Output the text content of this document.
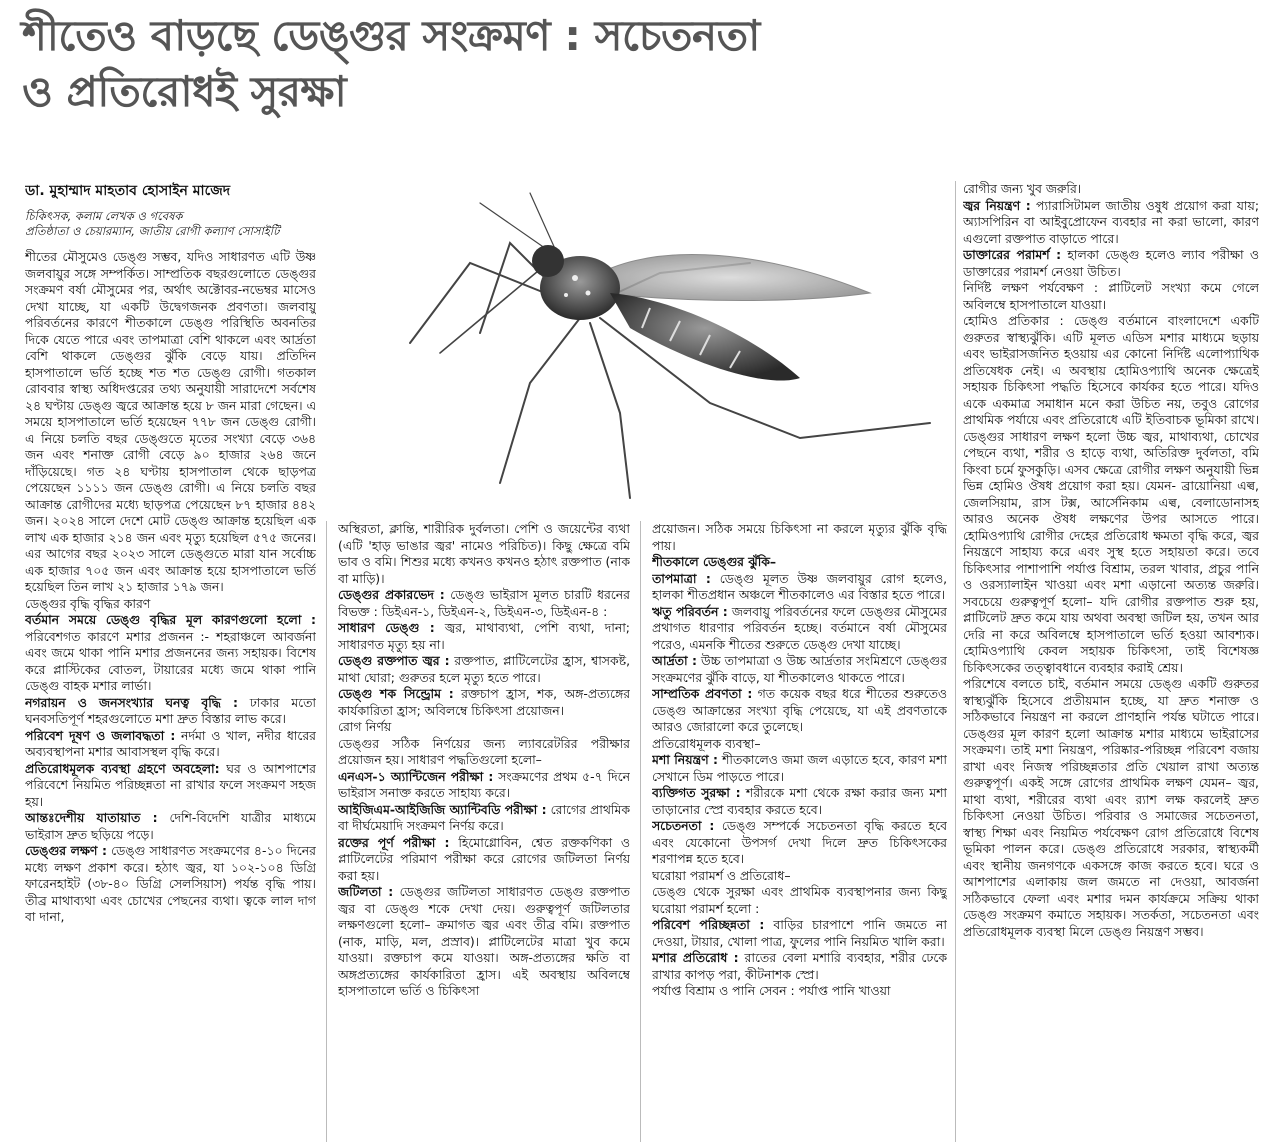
শীতেও বাড়ছে ডেঙ্গুর সংক্রমণ : সচেতনতা
ও প্রতিরোধই সুরক্ষা

ডা. মুহাম্মাদ মাহতাব হোসাইন মাজেদ

চিকিৎসক, কলাম লেখক ও গবেষক

প্রতিষ্ঠাতা ও চেয়ারম্যান, জাতীয় রোগী কল্যাণ সোসাইটি

শীতের মৌসুমেও ডেঙ্গু সম্ভব, যদিও সাধারণত এটি উষ্ণ জলবায়ুর সঙ্গে সম্পর্কিত। সাম্প্রতিক বছরগুলোতে ডেঙ্গুর সংক্রমণ বর্ষা মৌসুমের পর, অর্থাৎ অক্টোবর-নভেম্বর মাসেও দেখা যাচ্ছে, যা একটি উদ্বেগজনক প্রবণতা। জলবায়ু পরিবর্তনের কারণে শীতকালে ডেঙ্গু পরিস্থিতি অবনতির দিকে যেতে পারে এবং তাপমাত্রা বেশি থাকলে এবং আর্দ্রতা বেশি থাকলে ডেঙ্গুর ঝুঁকি বেড়ে যায়। প্রতিদিন হাসপাতালে ভর্তি হচ্ছে শত শত ডেঙ্গু রোগী। গতকাল রোববার স্বাস্থ্য অধিদপ্তরের তথ্য অনুযায়ী সারাদেশে সর্বশেষ ২৪ ঘণ্টায় ডেঙ্গু জ্বরে আক্রান্ত হয়ে ৮ জন মারা গেছেন। এ সময়ে হাসপাতালে ভর্তি হয়েছেন ৭৭৮ জন ডেঙ্গু রোগী। এ নিয়ে চলতি বছর ডেঙ্গুতে মৃতের সংখ্যা বেড়ে ৩৬৪ জন এবং শনাক্ত রোগী বেড়ে ৯০ হাজার ২৬৪ জনে দাঁড়িয়েছে। গত ২৪ ঘণ্টায় হাসপাতাল থেকে ছাড়পত্র পেয়েছেন ১১১১ জন ডেঙ্গু রোগী। এ নিয়ে চলতি বছর আক্রান্ত রোগীদের মধ্যে ছাড়পত্র পেয়েছেন ৮৭ হাজার ৪৪২ জন। ২০২৪ সালে দেশে মোট ডেঙ্গু আক্রান্ত হয়েছিল এক লাখ এক হাজার ২১৪ জন এবং মৃত্যু হয়েছিল ৫৭৫ জনের। এর আগের বছর ২০২৩ সালে ডেঙ্গুতে মারা যান সর্বোচ্চ এক হাজার ৭০৫ জন এবং আক্রান্ত হয়ে হাসপাতালে ভর্তি হয়েছিল তিন লাখ ২১ হাজার ১৭৯ জন।

ডেঙ্গুর বৃদ্ধি বৃদ্ধির কারণ

বর্তমান সময়ে ডেঙ্গু বৃদ্ধির মূল কারণগুলো হলো : পরিবেশগত কারণে মশার প্রজনন :- শহরাঞ্চলে আবর্জনা এবং জমে থাকা পানি মশার প্রজননের জন্য সহায়ক। বিশেষ করে প্লাস্টিকের বোতল, টায়ারের মধ্যে জমে থাকা পানি ডেঙ্গু বাহক মশার লার্ভা।

নগরায়ন ও জনসংখ্যার ঘনত্ব বৃদ্ধি : ঢাকার মতো ঘনবসতিপূর্ণ শহরগুলোতে মশা দ্রুত বিস্তার লাভ করে।

পরিবেশ দূষণ ও জলাবদ্ধতা : নর্দমা ও খাল, নদীর ধারের অব্যবস্থাপনা মশার আবাসস্থল বৃদ্ধি করে।

প্রতিরোধমূলক ব্যবস্থা গ্রহণে অবহেলা: ঘর ও আশপাশের পরিবেশে নিয়মিত পরিচ্ছন্নতা না রাখার ফলে সংক্রমণ সহজ হয়।

আন্তঃদেশীয় যাতায়াত : দেশি-বিদেশি যাত্রীর মাধ্যমে ভাইরাস দ্রুত ছড়িয়ে পড়ে।

ডেঙ্গুর লক্ষণ : ডেঙ্গু সাধারণত সংক্রমণের ৪-১০ দিনের মধ্যে লক্ষণ প্রকাশ করে। হঠাৎ জ্বর, যা ১০২-১০৪ ডিগ্রি ফারেনহাইট (৩৮-৪০ ডিগ্রি সেলসিয়াস) পর্যন্ত বৃদ্ধি পায়। তীব্র মাথাব্যথা এবং চোখের পেছনের ব্যথা। ত্বকে লাল দাগ বা দানা,

অস্থিরতা, ক্লান্তি, শারীরিক দুর্বলতা। পেশি ও জয়েন্টের ব্যথা (এটি 'হাড় ভাঙার জ্বর' নামেও পরিচিত)। কিছু ক্ষেত্রে বমি ভাব ও বমি। শিশুর মধ্যে কখনও কখনও হঠাৎ রক্তপাত (নাক বা মাড়ি)।

ডেঙ্গুর প্রকারভেদ : ডেঙ্গু ভাইরাস মূলত চারটি ধরনের বিভক্ত : ডিইএন-১, ডিইএন-২, ডিইএন-৩, ডিইএন-৪ :

সাধারণ ডেঙ্গু : জ্বর, মাথাব্যথা, পেশি ব্যথা, দানা; সাধারণত মৃত্যু হয় না।

ডেঙ্গু রক্তপাত জ্বর : রক্তপাত, প্লাটিলেটের হ্রাস, শ্বাসকষ্ট, মাথা ঘোরা; গুরুতর হলে মৃত্যু হতে পারে।

ডেঙ্গু শক সিন্ড্রোম : রক্তচাপ হ্রাস, শক, অঙ্গ-প্রত্যঙ্গের কার্যকারিতা হ্রাস; অবিলম্বে চিকিৎসা প্রয়োজন।

রোগ নির্ণয়

ডেঙ্গুর সঠিক নির্ণয়ের জন্য ল্যাবরেটরির পরীক্ষার প্রয়োজন হয়। সাধারণ পদ্ধতিগুলো হলো–

এনএস-১ অ্যান্টিজেন পরীক্ষা : সংক্রমণের প্রথম ৫-৭ দিনে ভাইরাস সনাক্ত করতে সাহায্য করে।

আইজিএম-আইজিজি অ্যান্টিবডি পরীক্ষা : রোগের প্রাথমিক বা দীর্ঘমেয়াদি সংক্রমণ নির্ণয় করে।

রক্তের পূর্ণ পরীক্ষা : হিমোগ্লোবিন, শ্বেত রক্তকণিকা ও প্লাটিলেটের পরিমাণ পরীক্ষা করে রোগের জটিলতা নির্ণয় করা হয়।

জটিলতা : ডেঙ্গুর জটিলতা সাধারণত ডেঙ্গু রক্তপাত জ্বর বা ডেঙ্গু শকে দেখা দেয়। গুরুত্বপূর্ণ জটিলতার লক্ষণগুলো হলো– ক্রমাগত জ্বর এবং তীব্র বমি। রক্তপাত (নাক, মাড়ি, মল, প্রস্রাব)। প্লাটিলেটের মাত্রা খুব কমে যাওয়া। রক্তচাপ কমে যাওয়া। অঙ্গ-প্রত্যঙ্গের ক্ষতি বা অঙ্গপ্রত্যঙ্গের কার্যকারিতা হ্রাস। এই অবস্থায় অবিলম্বে হাসপাতালে ভর্তি ও চিকিৎসা

প্রয়োজন। সঠিক সময়ে চিকিৎসা না করলে মৃত্যুর ঝুঁকি বৃদ্ধি পায়।

শীতকালে ডেঙ্গুর ঝুঁকি–

তাপমাত্রা : ডেঙ্গু মূলত উষ্ণ জলবায়ুর রোগ হলেও, হালকা শীতপ্রধান অঞ্চলে শীতকালেও এর বিস্তার হতে পারে।

ঋতু পরিবর্তন : জলবায়ু পরিবর্তনের ফলে ডেঙ্গুর মৌসুমের প্রথাগত ধারণার পরিবর্তন হচ্ছে। বর্তমানে বর্ষা মৌসুমের পরেও, এমনকি শীতের শুরুতে ডেঙ্গু দেখা যাচ্ছে।

আর্দ্রতা : উচ্চ তাপমাত্রা ও উচ্চ আর্দ্রতার সংমিশ্রণে ডেঙ্গুর সংক্রমণের ঝুঁকি বাড়ে, যা শীতকালেও থাকতে পারে।

সাম্প্রতিক প্রবণতা : গত কয়েক বছর ধরে শীতের শুরুতেও ডেঙ্গু আক্রান্তের সংখ্যা বৃদ্ধি পেয়েছে, যা এই প্রবণতাকে আরও জোরালো করে তুলেছে।

প্রতিরোধমূলক ব্যবস্থা–

মশা নিয়ন্ত্রণ : শীতকালেও জমা জল এড়াতে হবে, কারণ মশা সেখানে ডিম পাড়তে পারে।

ব্যক্তিগত সুরক্ষা : শরীরকে মশা থেকে রক্ষা করার জন্য মশা তাড়ানোর স্প্রে ব্যবহার করতে হবে।

সচেতনতা : ডেঙ্গু সম্পর্কে সচেতনতা বৃদ্ধি করতে হবে এবং যেকোনো উপসর্গ দেখা দিলে দ্রুত চিকিৎসকের শরণাপন্ন হতে হবে।

ঘরোয়া পরামর্শ ও প্রতিরোধ–

ডেঙ্গু থেকে সুরক্ষা এবং প্রাথমিক ব্যবস্থাপনার জন্য কিছু ঘরোয়া পরামর্শ হলো :

পরিবেশ পরিচ্ছন্নতা : বাড়ির চারপাশে পানি জমতে না দেওয়া, টায়ার, খোলা পাত্র, ফুলের পানি নিয়মিত খালি করা।

মশার প্রতিরোধ : রাতের বেলা মশারি ব্যবহার, শরীর ঢেকে রাখার কাপড় পরা, কীটনাশক স্প্রে।

পর্যাপ্ত বিশ্রাম ও পানি সেবন : পর্যাপ্ত পানি খাওয়া

রোগীর জন্য খুব জরুরি।

জ্বর নিয়ন্ত্রণ : প্যারাসিটামল জাতীয় ওষুধ প্রয়োগ করা যায়; অ্যাসপিরিন বা আইবুপ্রোফেন ব্যবহার না করা ভালো, কারণ এগুলো রক্তপাত বাড়াতে পারে।

ডাক্তারের পরামর্শ : হালকা ডেঙ্গু হলেও ল্যাব পরীক্ষা ও ডাক্তারের পরামর্শ নেওয়া উচিত।

নির্দিষ্ট লক্ষণ পর্যবেক্ষণ : প্লাটিলেট সংখ্যা কমে গেলে অবিলম্বে হাসপাতালে যাওয়া।

হোমিও প্রতিকার : ডেঙ্গু বর্তমানে বাংলাদেশে একটি গুরুতর স্বাস্থ্যঝুঁকি। এটি মূলত এডিস মশার মাধ্যমে ছড়ায় এবং ভাইরাসজনিত হওয়ায় এর কোনো নির্দিষ্ট এলোপ্যাথিক প্রতিষেধক নেই। এ অবস্থায় হোমিওপ্যাথি অনেক ক্ষেত্রেই সহায়ক চিকিৎসা পদ্ধতি হিসেবে কার্যকর হতে পারে। যদিও একে একমাত্র সমাধান মনে করা উচিত নয়, তবুও রোগের প্রাথমিক পর্যায়ে এবং প্রতিরোধে এটি ইতিবাচক ভূমিকা রাখে। ডেঙ্গুর সাধারণ লক্ষণ হলো উচ্চ জ্বর, মাথাব্যথা, চোখের পেছনে ব্যথা, শরীর ও হাড়ে ব্যথা, অতিরিক্ত দুর্বলতা, বমি কিংবা চর্মে ফুসকুড়ি। এসব ক্ষেত্রে রোগীর লক্ষণ অনুযায়ী ভিন্ন ভিন্ন হোমিও ঔষধ প্রয়োগ করা হয়। যেমন- ব্রায়োনিয়া এল্ব, জেলসিয়াম, রাস টক্স, আর্সেনিকাম এল্ব, বেলাডোনাসহ আরও অনেক ঔষধ লক্ষণের উপর আসতে পারে। হোমিওপ্যাথি রোগীর দেহের প্রতিরোধ ক্ষমতা বৃদ্ধি করে, জ্বর নিয়ন্ত্রণে সাহায্য করে এবং সুস্থ হতে সহায়তা করে। তবে চিকিৎসার পাশাপাশি পর্যাপ্ত বিশ্রাম, তরল খাবার, প্রচুর পানি ও ওরস্যালাইন খাওয়া এবং মশা এড়ানো অত্যন্ত জরুরি। সবচেয়ে গুরুত্বপূর্ণ হলো– যদি রোগীর রক্তপাত শুরু হয়, প্লাটিলেট দ্রুত কমে যায় অথবা অবস্থা জটিল হয়, তখন আর দেরি না করে অবিলম্বে হাসপাতালে ভর্তি হওয়া আবশ্যক। হোমিওপ্যাথি কেবল সহায়ক চিকিৎসা, তাই বিশেষজ্ঞ চিকিৎসকের তত্ত্বাবধানে ব্যবহার করাই শ্রেয়।

পরিশেষে বলতে চাই, বর্তমান সময়ে ডেঙ্গু একটি গুরুতর স্বাস্থ্যঝুঁকি হিসেবে প্রতীয়মান হচ্ছে, যা দ্রুত শনাক্ত ও সঠিকভাবে নিয়ন্ত্রণ না করলে প্রাণহানি পর্যন্ত ঘটাতে পারে। ডেঙ্গুর মূল কারণ হলো আক্রান্ত মশার মাধ্যমে ভাইরাসের সংক্রমণ। তাই মশা নিয়ন্ত্রণ, পরিষ্কার-পরিচ্ছন্ন পরিবেশ বজায় রাখা এবং নিজস্ব পরিচ্ছন্নতার প্রতি খেয়াল রাখা অত্যন্ত গুরুত্বপূর্ণ। একই সঙ্গে রোগের প্রাথমিক লক্ষণ যেমন– জ্বর, মাথা ব্যথা, শরীরের ব্যথা এবং র‍্যাশ লক্ষ করলেই দ্রুত চিকিৎসা নেওয়া উচিত। পরিবার ও সমাজের সচেতনতা, স্বাস্থ্য শিক্ষা এবং নিয়মিত পর্যবেক্ষণ রোগ প্রতিরোধে বিশেষ ভূমিকা পালন করে। ডেঙ্গু প্রতিরোধে সরকার, স্বাস্থ্যকর্মী এবং স্থানীয় জনগণকে একসঙ্গে কাজ করতে হবে। ঘরে ও আশপাশের এলাকায় জল জমতে না দেওয়া, আবর্জনা সঠিকভাবে ফেলা এবং মশার দমন কার্যক্রমে সক্রিয় থাকা ডেঙ্গু সংক্রমণ কমাতে সহায়ক। সতর্কতা, সচেতনতা এবং প্রতিরোধমূলক ব্যবস্থা মিলে ডেঙ্গু নিয়ন্ত্রণ সম্ভব।
